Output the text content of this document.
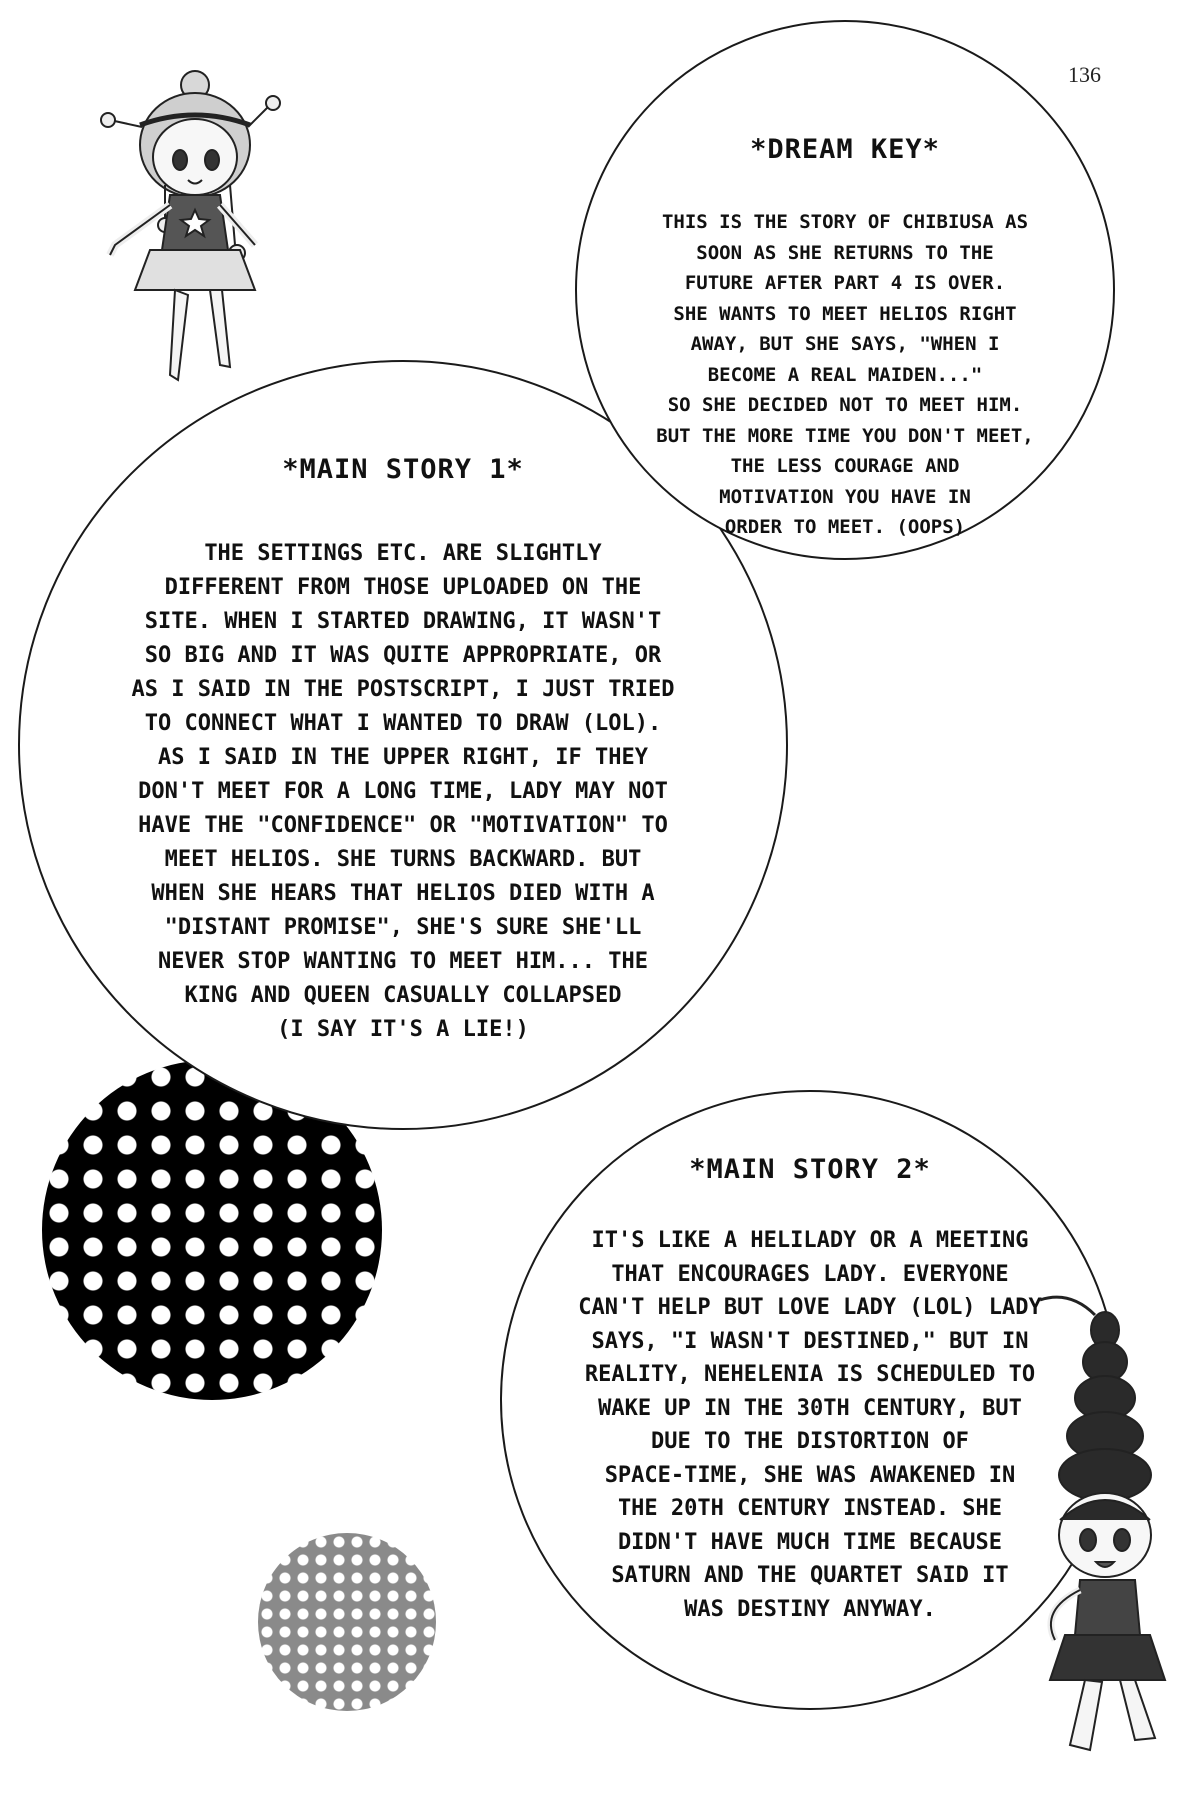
136
*MAIN STORY 1*
THE SETTINGS ETC. ARE SLIGHTLY
DIFFERENT FROM THOSE UPLOADED ON THE
SITE. WHEN I STARTED DRAWING, IT WASN'T
SO BIG AND IT WAS QUITE APPROPRIATE, OR
AS I SAID IN THE POSTSCRIPT, I JUST TRIED
TO CONNECT WHAT I WANTED TO DRAW (LOL).
AS I SAID IN THE UPPER RIGHT, IF THEY
DON'T MEET FOR A LONG TIME, LADY MAY NOT
HAVE THE "CONFIDENCE" OR "MOTIVATION" TO
MEET HELIOS. SHE TURNS BACKWARD. BUT
WHEN SHE HEARS THAT HELIOS DIED WITH A
"DISTANT PROMISE", SHE'S SURE SHE'LL
NEVER STOP WANTING TO MEET HIM... THE
KING AND QUEEN CASUALLY COLLAPSED
(I SAY IT'S A LIE!)
*DREAM KEY*
THIS IS THE STORY OF CHIBIUSA AS
SOON AS SHE RETURNS TO THE
FUTURE AFTER PART 4 IS OVER.
SHE WANTS TO MEET HELIOS RIGHT
AWAY, BUT SHE SAYS, "WHEN I
BECOME A REAL MAIDEN..."
SO SHE DECIDED NOT TO MEET HIM.
BUT THE MORE TIME YOU DON'T MEET,
THE LESS COURAGE AND
MOTIVATION YOU HAVE IN
ORDER TO MEET. (OOPS)
*MAIN STORY 2*
IT'S LIKE A HELILADY OR A MEETING
THAT ENCOURAGES LADY. EVERYONE
CAN'T HELP BUT LOVE LADY (LOL) LADY
SAYS, "I WASN'T DESTINED," BUT IN
REALITY, NEHELENIA IS SCHEDULED TO
WAKE UP IN THE 30TH CENTURY, BUT
DUE TO THE DISTORTION OF
SPACE-TIME, SHE WAS AWAKENED IN
THE 20TH CENTURY INSTEAD. SHE
DIDN'T HAVE MUCH TIME BECAUSE
SATURN AND THE QUARTET SAID IT
WAS DESTINY ANYWAY.
